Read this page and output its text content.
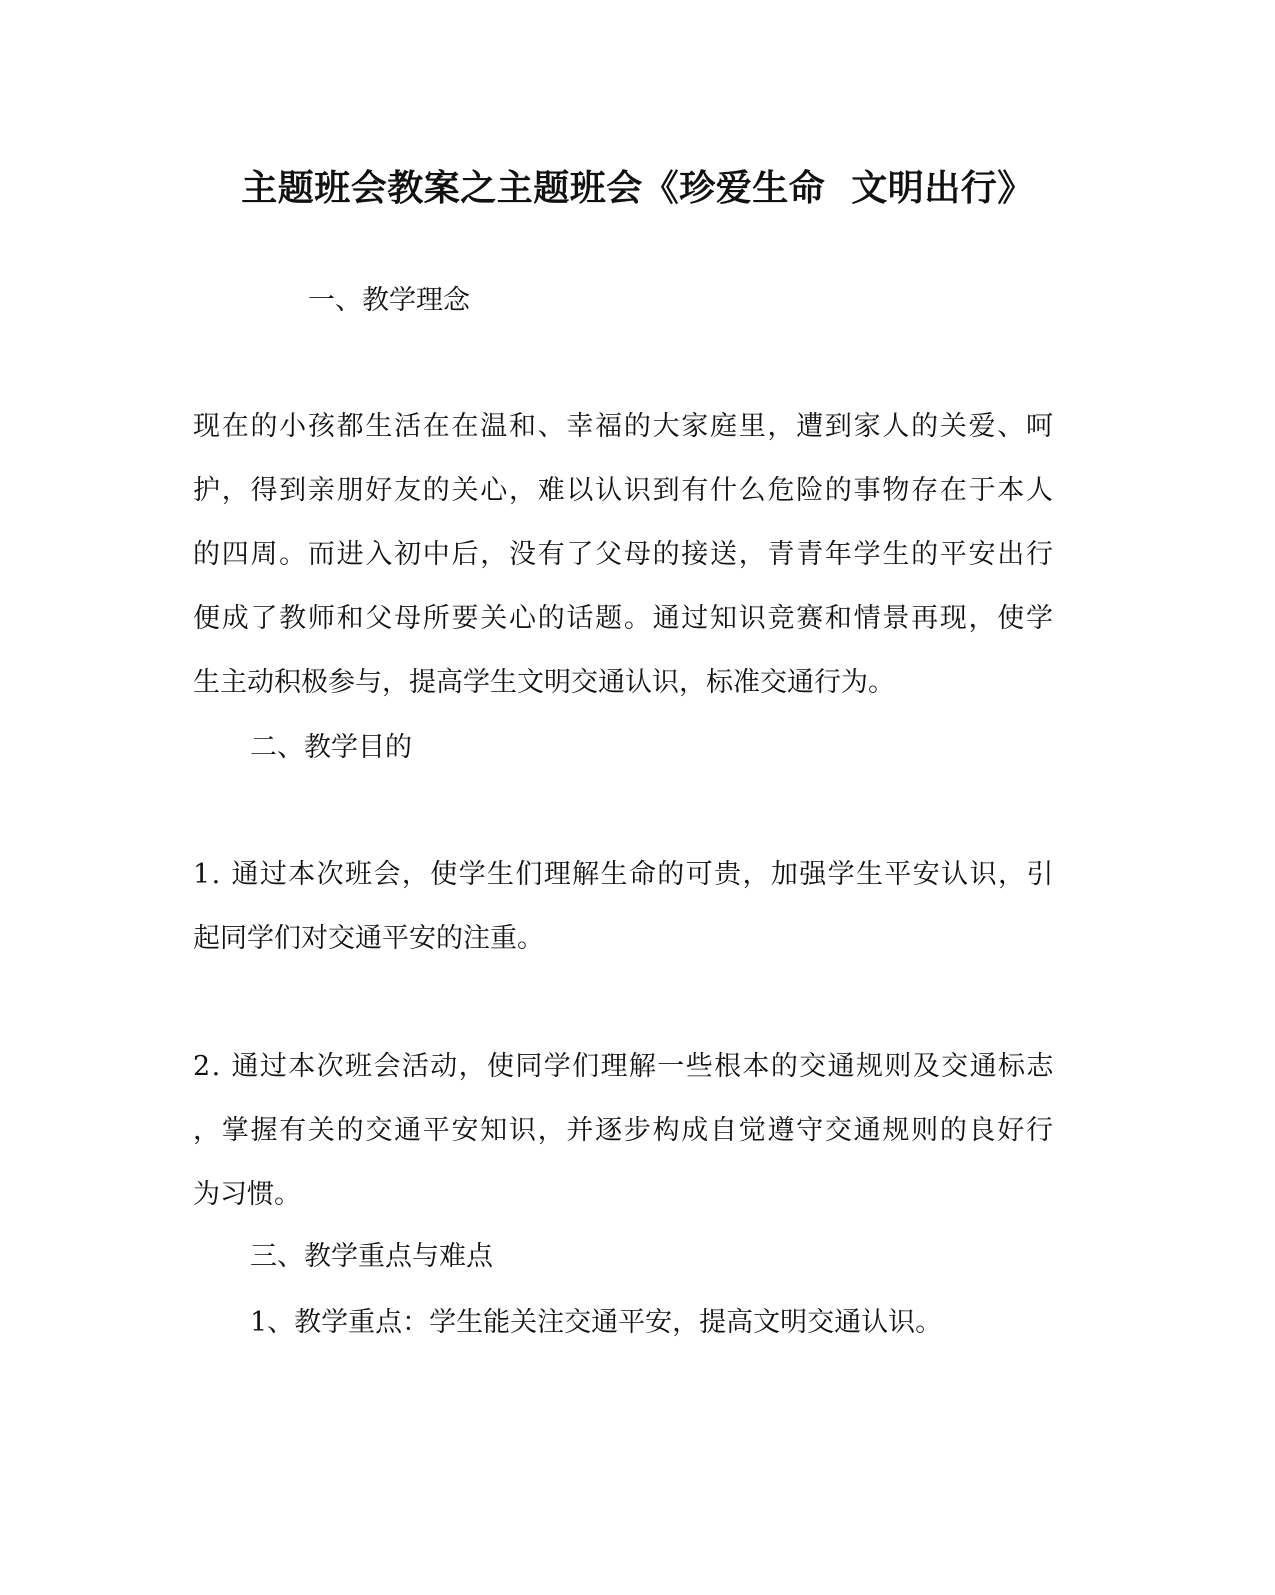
主题班会教案之主题班会《珍爱生命  文明出行》
一、教学理念
现在的小孩都生活在在温和、幸福的大家庭里，遭到家人的关爱、呵
护，得到亲朋好友的关心，难以认识到有什么危险的事物存在于本人
的四周。而进入初中后，没有了父母的接送，青青年学生的平安出行
便成了教师和父母所要关心的话题。通过知识竞赛和情景再现，使学
生主动积极参与，提高学生文明交通认识，标准交通行为。
二、教学目的
1. 通过本次班会，使学生们理解生命的可贵，加强学生平安认识，引
起同学们对交通平安的注重。
2. 通过本次班会活动，使同学们理解一些根本的交通规则及交通标志
，掌握有关的交通平安知识，并逐步构成自觉遵守交通规则的良好行
为习惯。
三、教学重点与难点
1、教学重点：学生能关注交通平安，提高文明交通认识。
